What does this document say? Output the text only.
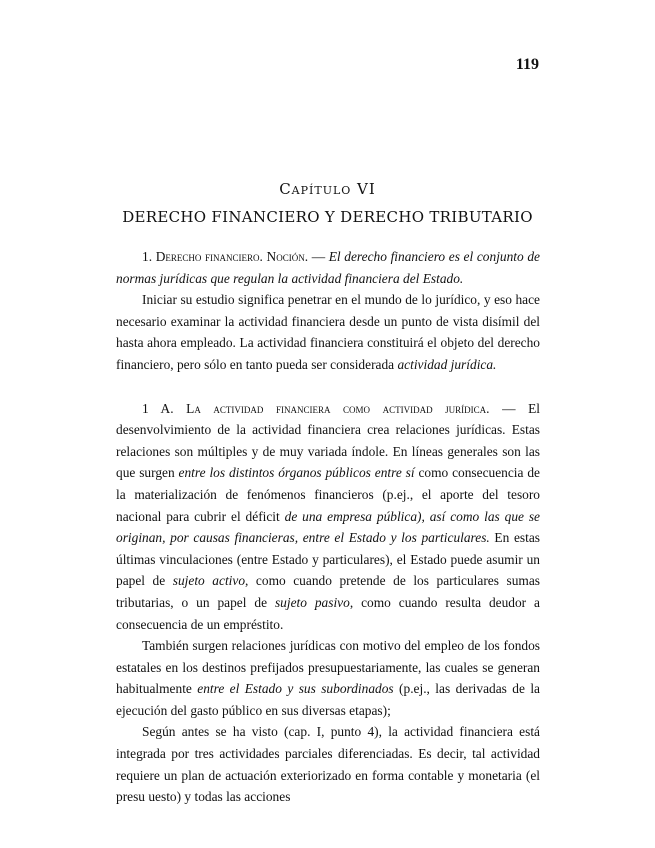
119
Capítulo VI
DERECHO FINANCIERO Y DERECHO TRIBUTARIO

1. Derecho financiero. Noción. — El derecho financiero es el conjunto de normas jurídicas que regulan la actividad financiera del Estado.

Iniciar su estudio significa penetrar en el mundo de lo jurídico, y eso hace necesario examinar la actividad financiera desde un punto de vista disímil del hasta ahora empleado. La actividad financiera constituirá el objeto del derecho financiero, pero sólo en tanto pueda ser considerada actividad jurídica.

1 A. La actividad financiera como actividad jurídica. — El desenvolvimiento de la actividad financiera crea relaciones jurídicas. Estas relaciones son múltiples y de muy variada índole. En líneas generales son las que surgen entre los distintos órganos públicos entre sí como consecuencia de la materialización de fenómenos financieros (p.ej., el aporte del tesoro nacional para cubrir el déficit de una empresa pública), así como las que se originan, por causas financieras, entre el Estado y los particulares. En estas últimas vinculaciones (entre Estado y particulares), el Estado puede asumir un papel de sujeto activo, como cuando pretende de los particulares sumas tributarias, o un papel de sujeto pasivo, como cuando resulta deudor a consecuencia de un empréstito.

También surgen relaciones jurídicas con motivo del empleo de los fondos estatales en los destinos prefijados presupuestariamente, las cuales se generan habitualmente entre el Estado y sus subordinados (p.ej., las derivadas de la ejecución del gasto público en sus diversas etapas);

Según antes se ha visto (cap. I, punto 4), la actividad financiera está integrada por tres actividades parciales diferenciadas. Es decir, tal actividad requiere un plan de actuación exteriorizado en forma contable y monetaria (el presu uesto) y todas las acciones
